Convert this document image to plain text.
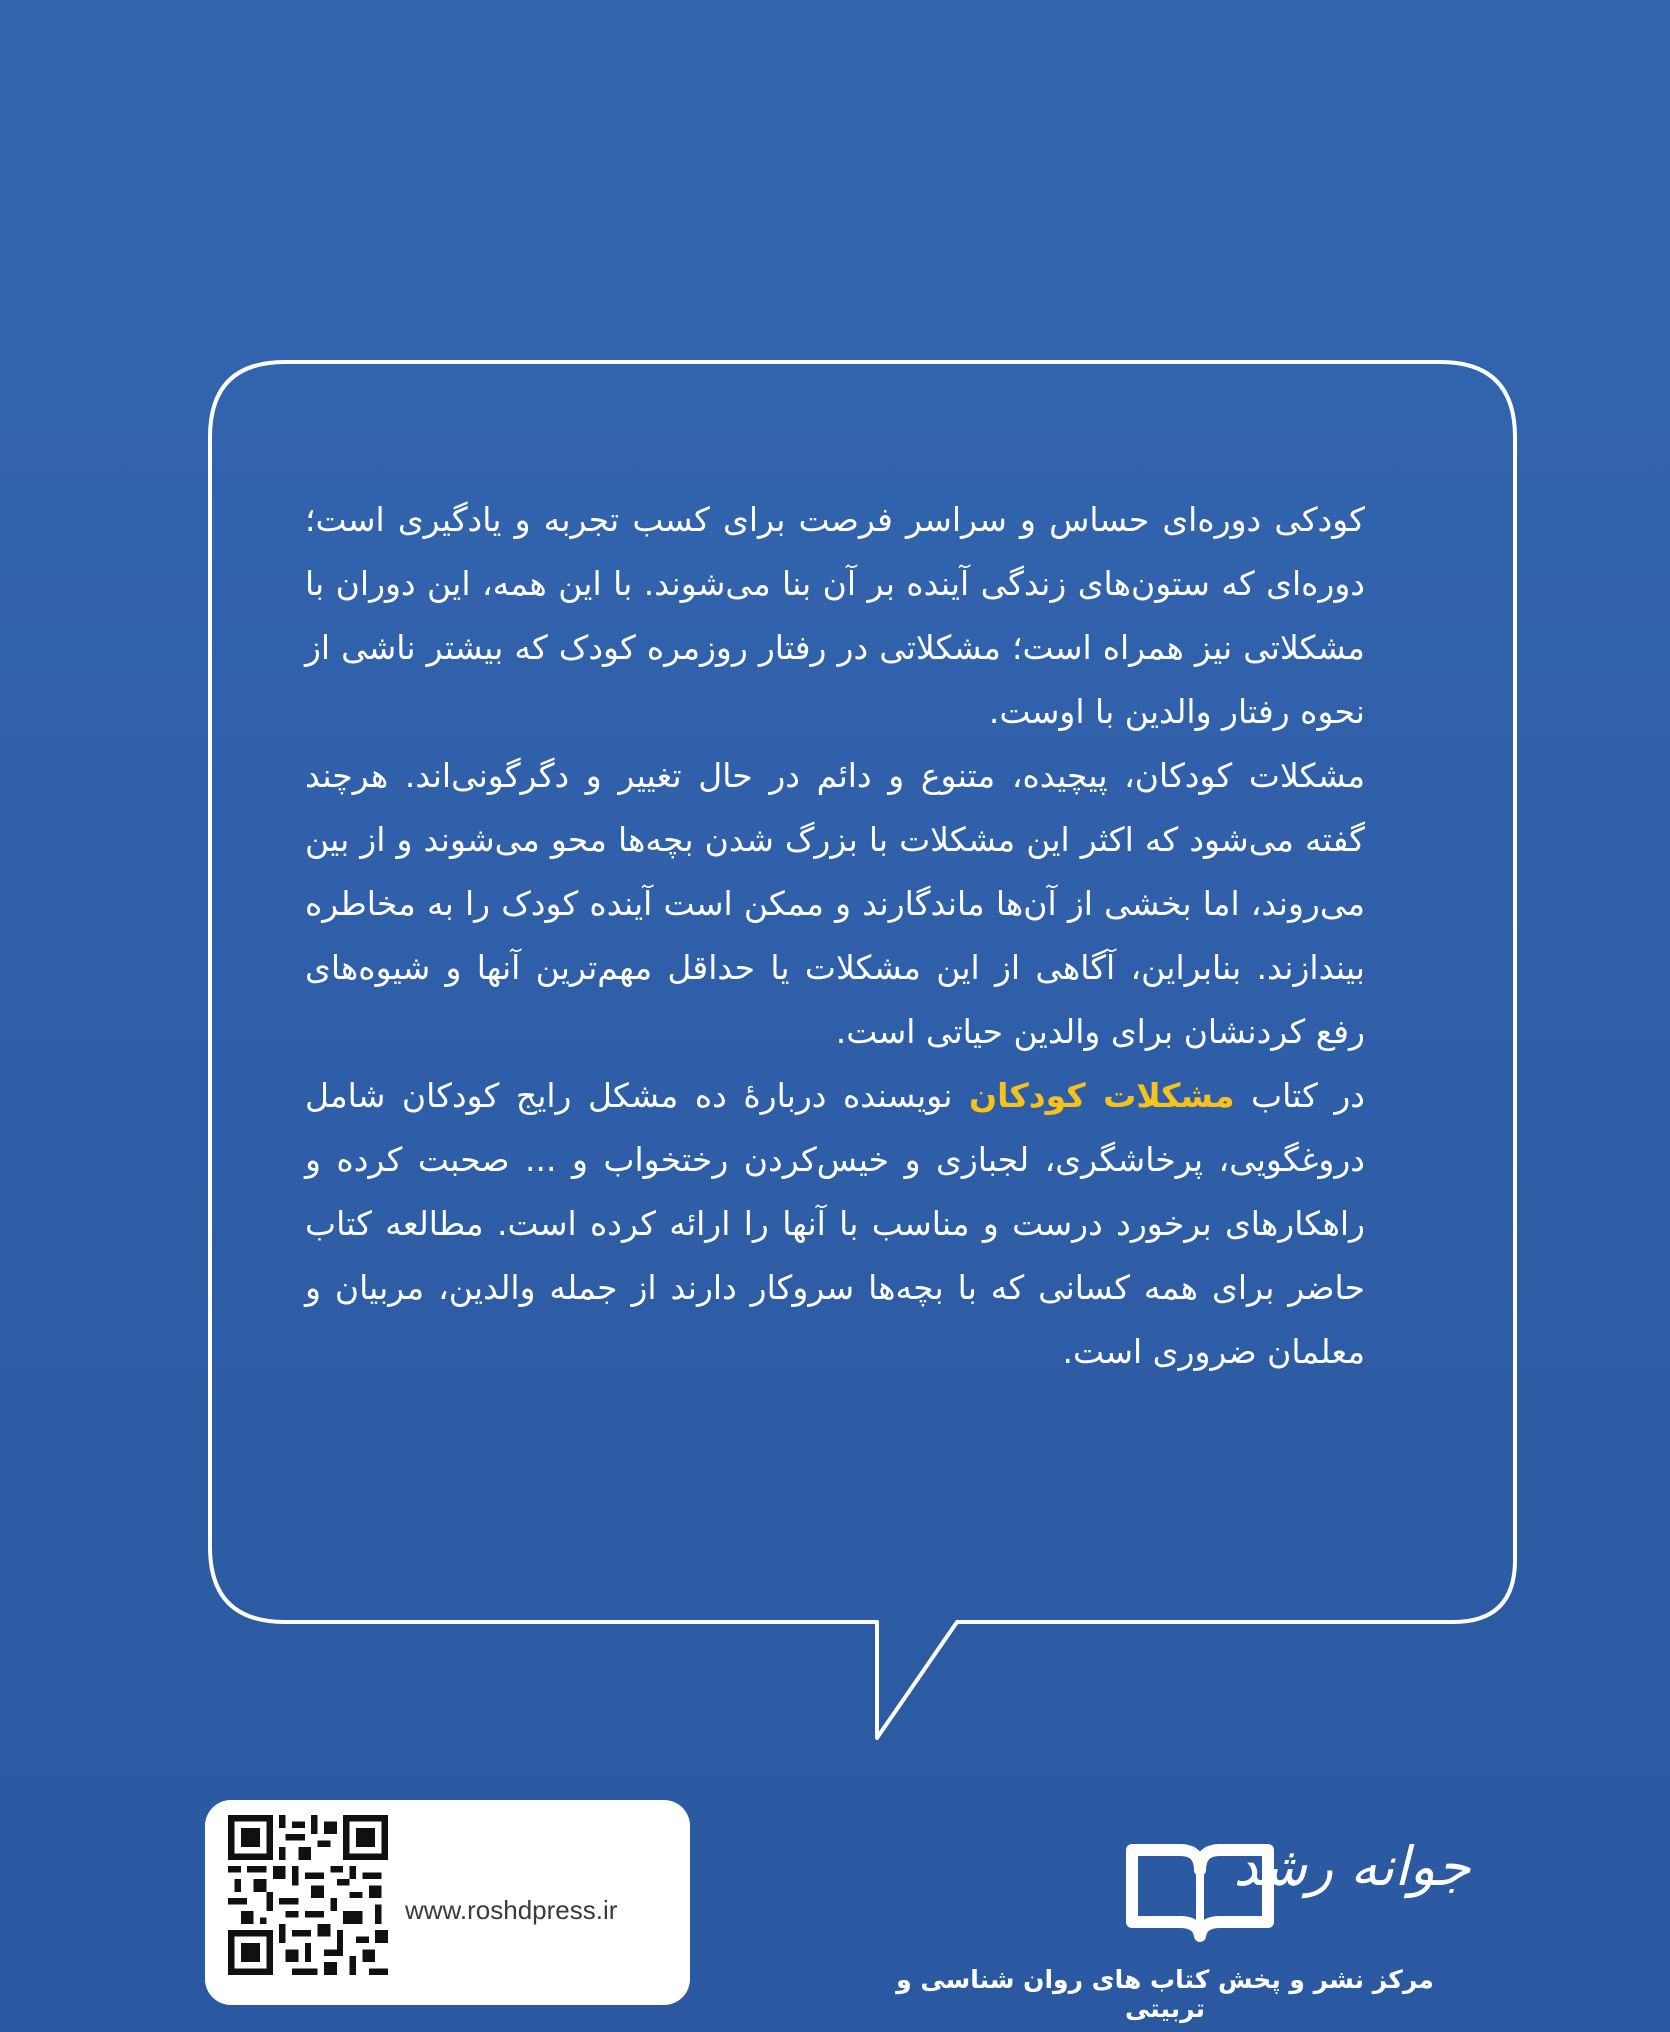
کودکی دوره‌ای حساس و سراسر فرصت برای کسب تجربه و یادگیری است؛ دوره‌ای که ستون‌های زندگی آینده بر آن بنا می‌شوند. با این همه، این دوران با مشکلاتی نیز همراه است؛ مشکلاتی در رفتار روزمره کودک که بیشتر ناشی از نحوه رفتار والدین با اوست.

مشکلات کودکان، پیچیده، متنوع و دائم در حال تغییر و دگرگونی‌اند. هرچند گفته می‌شود که اکثر این مشکلات با بزرگ شدن بچه‌ها محو می‌شوند و از بین می‌روند، اما بخشی از آن‌ها ماندگارند و ممکن است آینده کودک را به مخاطره بیندازند. بنابراین، آگاهی از این مشکلات یا حداقل مهم‌ترین آنها و شیوه‌های رفع کردنشان برای والدین حیاتی است.

در کتاب مشکلات کودکان نویسنده دربارهٔ ده مشکل رایج کودکان شامل دروغگویی، پرخاشگری، لجبازی و خیس‌کردن رختخواب و ... صحبت کرده و راهکارهای برخورد درست و مناسب با آنها را ارائه کرده است. مطالعه کتاب حاضر برای همه کسانی که با بچه‌ها سروکار دارند از جمله والدین، مربیان و معلمان ضروری است.

www.roshdpress.ir
جوانه رشد
مرکز نشر و پخش کتاب های روان شناسی و تربیتی
